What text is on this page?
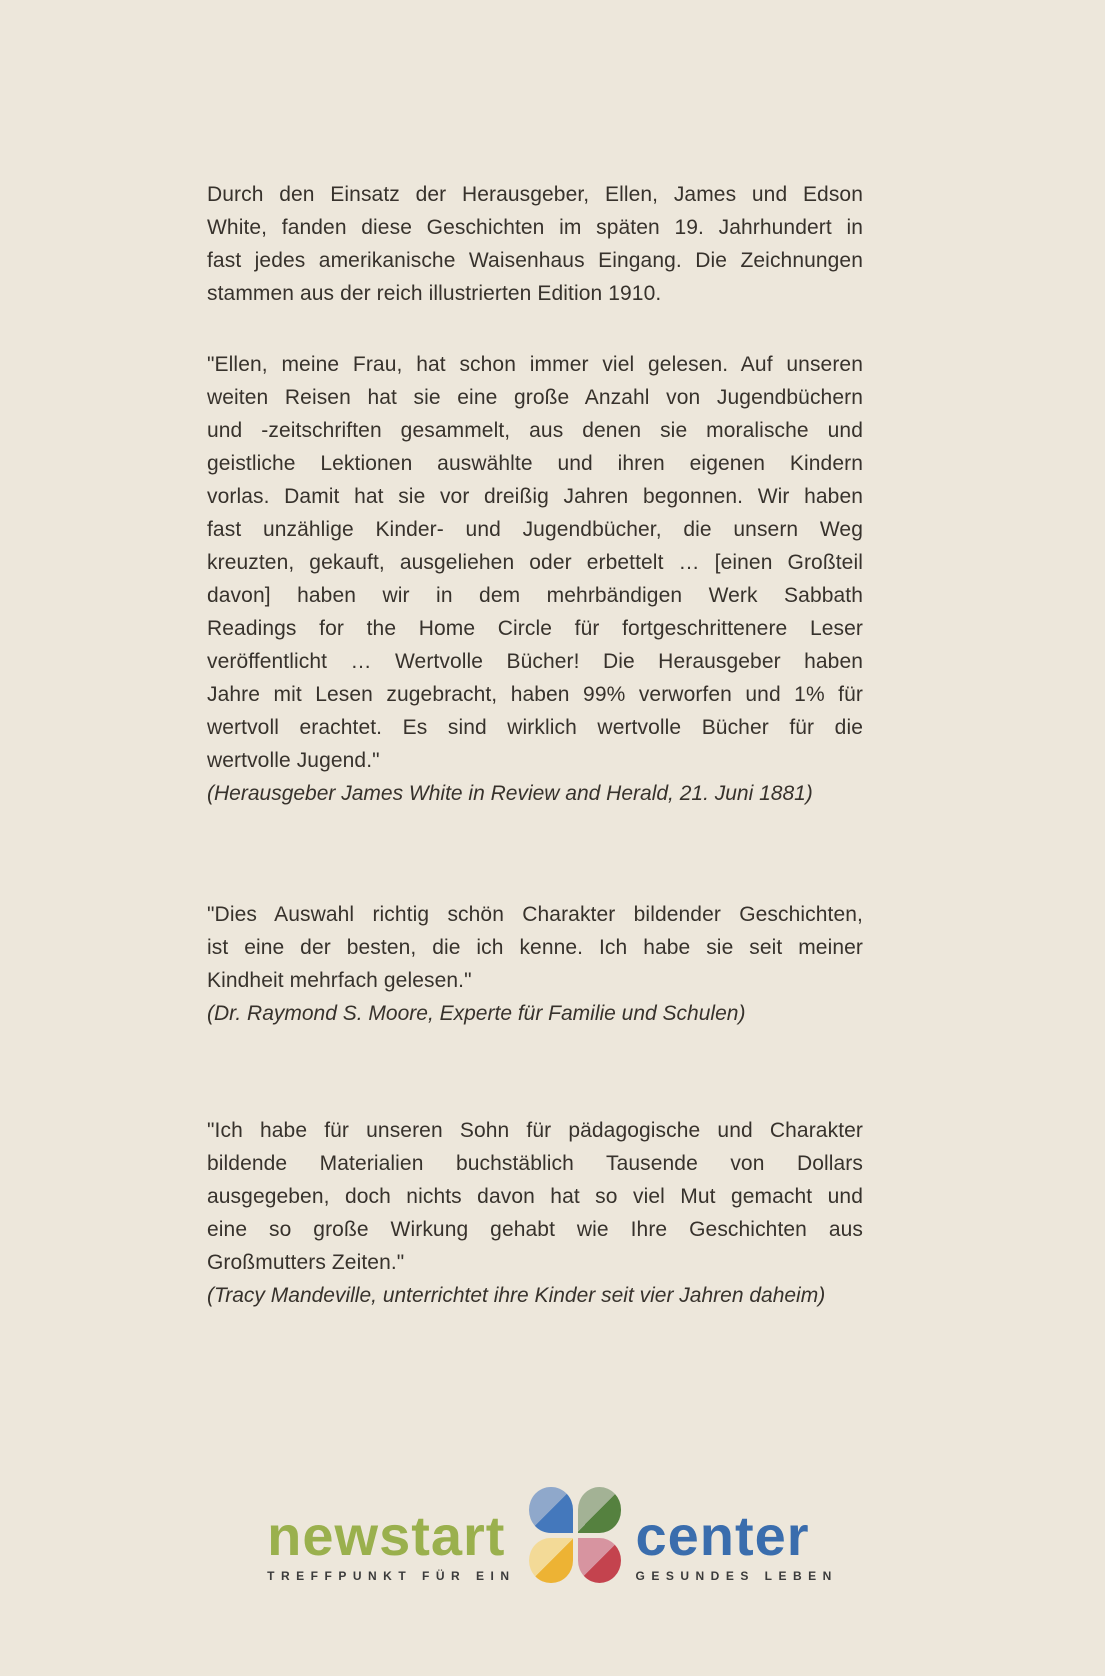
Durch den Einsatz der Herausgeber, Ellen, James und Edson
White, fanden diese Geschichten im späten 19. Jahrhundert in
fast jedes amerikanische Waisenhaus Eingang. Die Zeichnungen
stammen aus der reich illustrierten Edition 1910.
"Ellen, meine Frau, hat schon immer viel gelesen. Auf unseren
weiten Reisen hat sie eine große Anzahl von Jugendbüchern
und -zeitschriften gesammelt, aus denen sie moralische und
geistliche Lektionen auswählte und ihren eigenen Kindern
vorlas. Damit hat sie vor dreißig Jahren begonnen. Wir haben
fast unzählige Kinder- und Jugendbücher, die unsern Weg
kreuzten, gekauft, ausgeliehen oder erbettelt … [einen Großteil
davon] haben wir in dem mehrbändigen Werk Sabbath
Readings for the Home Circle für fortgeschrittenere Leser
veröffentlicht … Wertvolle Bücher! Die Herausgeber haben
Jahre mit Lesen zugebracht, haben 99% verworfen und 1% für
wertvoll erachtet. Es sind wirklich wertvolle Bücher für die
wertvolle Jugend."
(Herausgeber James White in Review and Herald, 21. Juni 1881)
"Dies Auswahl richtig schön Charakter bildender Geschichten,
ist eine der besten, die ich kenne. Ich habe sie seit meiner
Kindheit mehrfach gelesen."
(Dr. Raymond S. Moore, Experte für Familie und Schulen)
"Ich habe für unseren Sohn für pädagogische und Charakter
bildende Materialien buchstäblich Tausende von Dollars
ausgegeben, doch nichts davon hat so viel Mut gemacht und
eine so große Wirkung gehabt wie Ihre Geschichten aus
Großmutters Zeiten."
(Tracy Mandeville, unterrichtet ihre Kinder seit vier Jahren daheim)
newstart
TREFFPUNKT FÜR EIN
center
GESUNDES LEBEN
